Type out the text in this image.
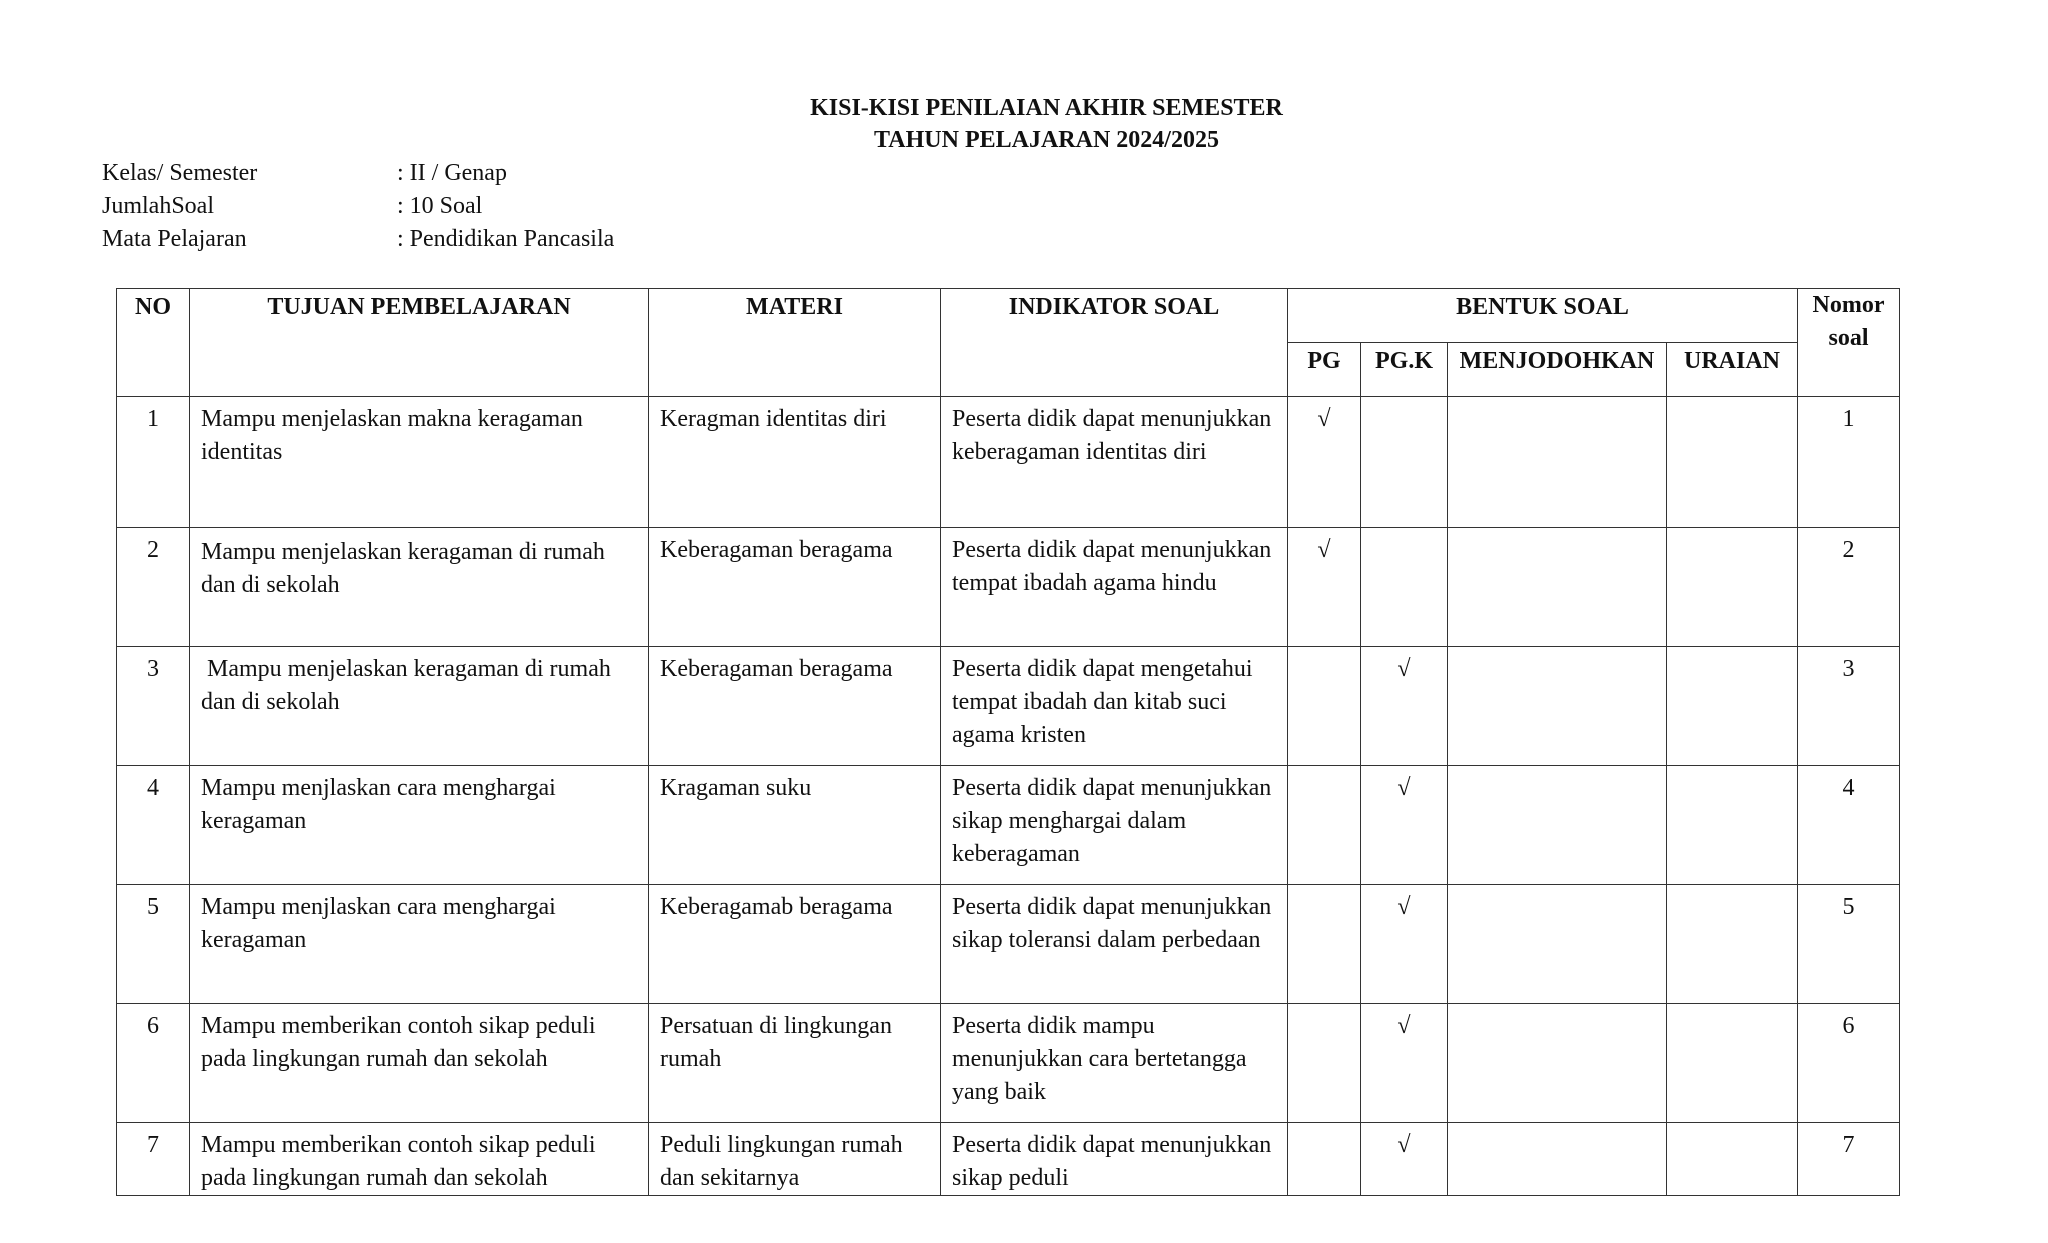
KISI-KISI PENILAIAN AKHIR SEMESTER
TAHUN PELAJARAN 2024/2025
Kelas/ Semester	: II / Genap
JumlahSoal	: 10 Soal
Mata Pelajaran	: Pendidikan Pancasila
NO	TUJUAN PEMBELAJARAN	MATERI	INDIKATOR SOAL	BENTUK SOAL				Nomor soal
				PG	PG.K	MENJODOHKAN	URAIAN	
1	Mampu menjelaskan makna keragaman identitas	Keragman identitas diri	Peserta didik dapat menunjukkan keberagaman identitas diri	√				1
2	Mampu menjelaskan keragaman di rumah dan di sekolah	Keberagaman beragama	Peserta didik dapat menunjukkan tempat ibadah agama hindu	√				2
3	Mampu menjelaskan keragaman di rumah dan di sekolah	Keberagaman beragama	Peserta didik dapat mengetahui tempat ibadah dan kitab suci agama kristen		√			3
4	Mampu menjlaskan cara menghargai keragaman	Kragaman suku	Peserta didik dapat menunjukkan sikap menghargai dalam keberagaman		√			4
5	Mampu menjlaskan cara menghargai keragaman	Keberagamab beragama	Peserta didik dapat menunjukkan sikap toleransi dalam perbedaan		√			5
6	Mampu memberikan contoh sikap peduli pada lingkungan rumah dan sekolah	Persatuan di lingkungan rumah	Peserta didik mampu menunjukkan cara bertetangga yang baik		√			6
7	Mampu memberikan contoh sikap peduli pada lingkungan rumah dan sekolah	Peduli lingkungan rumah dan sekitarnya	Peserta didik dapat menunjukkan sikap peduli		√			7
